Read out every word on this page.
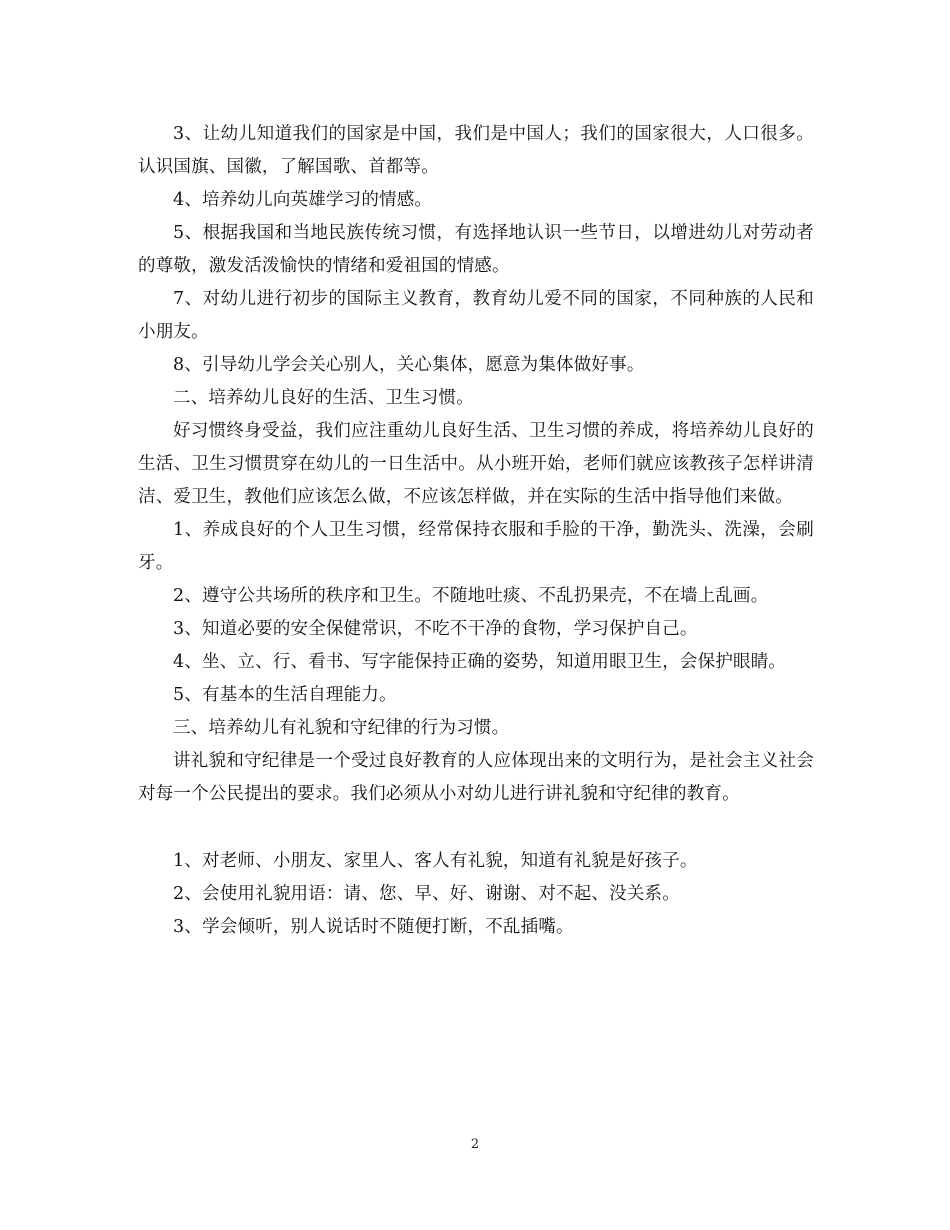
3、让幼儿知道我们的国家是中国，我们是中国人；我们的国家很大，人口很多。认识国旗、国徽，了解国歌、首都等。

4、培养幼儿向英雄学习的情感。

5、根据我国和当地民族传统习惯，有选择地认识一些节日，以增进幼儿对劳动者的尊敬，激发活泼愉快的情绪和爱祖国的情感。

7、对幼儿进行初步的国际主义教育，教育幼儿爱不同的国家，不同种族的人民和小朋友。

8、引导幼儿学会关心别人，关心集体，愿意为集体做好事。

二、培养幼儿良好的生活、卫生习惯。

好习惯终身受益，我们应注重幼儿良好生活、卫生习惯的养成，将培养幼儿良好的生活、卫生习惯贯穿在幼儿的一日生活中。从小班开始，老师们就应该教孩子怎样讲清洁、爱卫生，教他们应该怎么做，不应该怎样做，并在实际的生活中指导他们来做。

1、养成良好的个人卫生习惯，经常保持衣服和手脸的干净，勤洗头、洗澡，会刷牙。

2、遵守公共场所的秩序和卫生。不随地吐痰、不乱扔果壳，不在墙上乱画。

3、知道必要的安全保健常识，不吃不干净的食物，学习保护自己。

4、坐、立、行、看书、写字能保持正确的姿势，知道用眼卫生，会保护眼睛。

5、有基本的生活自理能力。

三、培养幼儿有礼貌和守纪律的行为习惯。

讲礼貌和守纪律是一个受过良好教育的人应体现出来的文明行为，是社会主义社会对每一个公民提出的要求。我们必须从小对幼儿进行讲礼貌和守纪律的教育。

1、对老师、小朋友、家里人、客人有礼貌，知道有礼貌是好孩子。

2、会使用礼貌用语：请、您、早、好、谢谢、对不起、没关系。

3、学会倾听，别人说话时不随便打断，不乱插嘴。

2
